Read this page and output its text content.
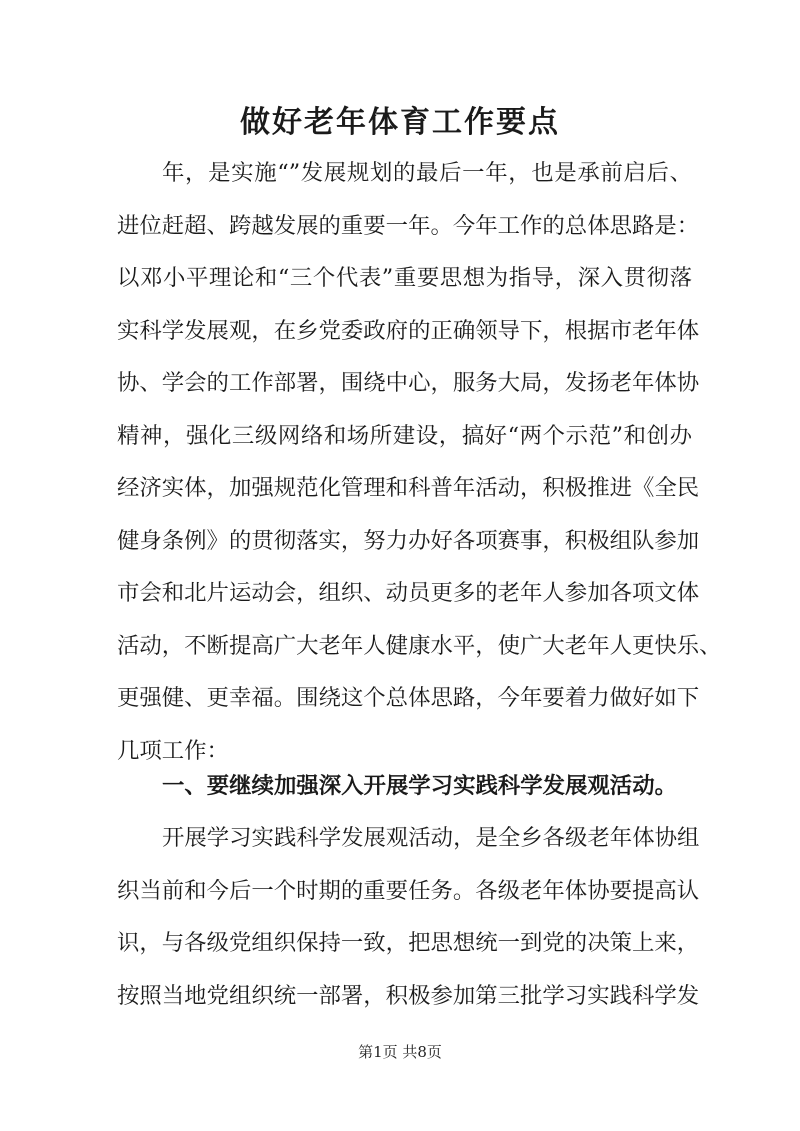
做好老年体育工作要点
年，是实施“”发展规划的最后一年，也是承前启后、
进位赶超、跨越发展的重要一年。今年工作的总体思路是：
以邓小平理论和“三个代表”重要思想为指导，深入贯彻落
实科学发展观，在乡党委政府的正确领导下，根据市老年体
协、学会的工作部署，围绕中心，服务大局，发扬老年体协
精神，强化三级网络和场所建设，搞好“两个示范”和创办
经济实体，加强规范化管理和科普年活动，积极推进《全民
健身条例》的贯彻落实，努力办好各项赛事，积极组队参加
市会和北片运动会，组织、动员更多的老年人参加各项文体
活动，不断提高广大老年人健康水平，使广大老年人更快乐、
更强健、更幸福。围绕这个总体思路，今年要着力做好如下
几项工作：
一、要继续加强深入开展学习实践科学发展观活动。
开展学习实践科学发展观活动，是全乡各级老年体协组
织当前和今后一个时期的重要任务。各级老年体协要提高认
识，与各级党组织保持一致，把思想统一到党的决策上来，
按照当地党组织统一部署，积极参加第三批学习实践科学发
第1页 共8页
